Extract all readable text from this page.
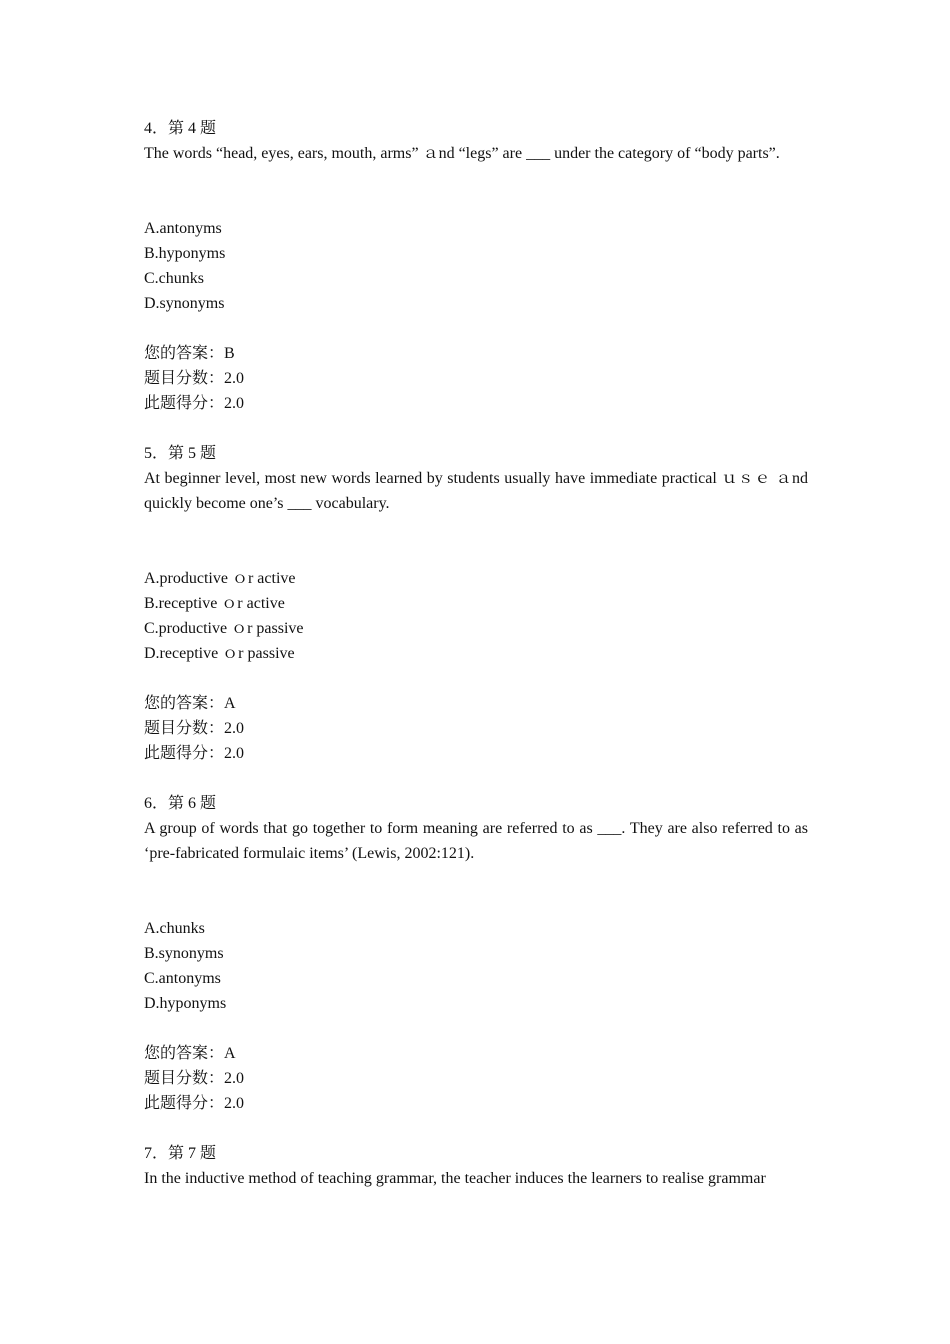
4．第 4 题
The words “head, eyes, ears, mouth, arms” ａnd “legs” are ___ under the category of “body parts”.
A.antonyms
B.hyponyms
C.chunks
D.synonyms
您的答案：B
题目分数：2.0
此题得分：2.0
5．第 5 题
At beginner level, most new words learned by students usually have immediate practical ｕｓｅ ａnd quickly become one’s ___ vocabulary.
A.productive ｏr active
B.receptive ｏr active
C.productive ｏr passive
D.receptive ｏr passive
您的答案：A
题目分数：2.0
此题得分：2.0
6．第 6 题
A group of words that go together to form meaning are referred to as ___. They are also referred to as ‘pre-fabricated formulaic items’ (Lewis, 2002:121).
A.chunks
B.synonyms
C.antonyms
D.hyponyms
您的答案：A
题目分数：2.0
此题得分：2.0
7．第 7 题
In the inductive method of teaching grammar, the teacher induces the learners to realise grammar
